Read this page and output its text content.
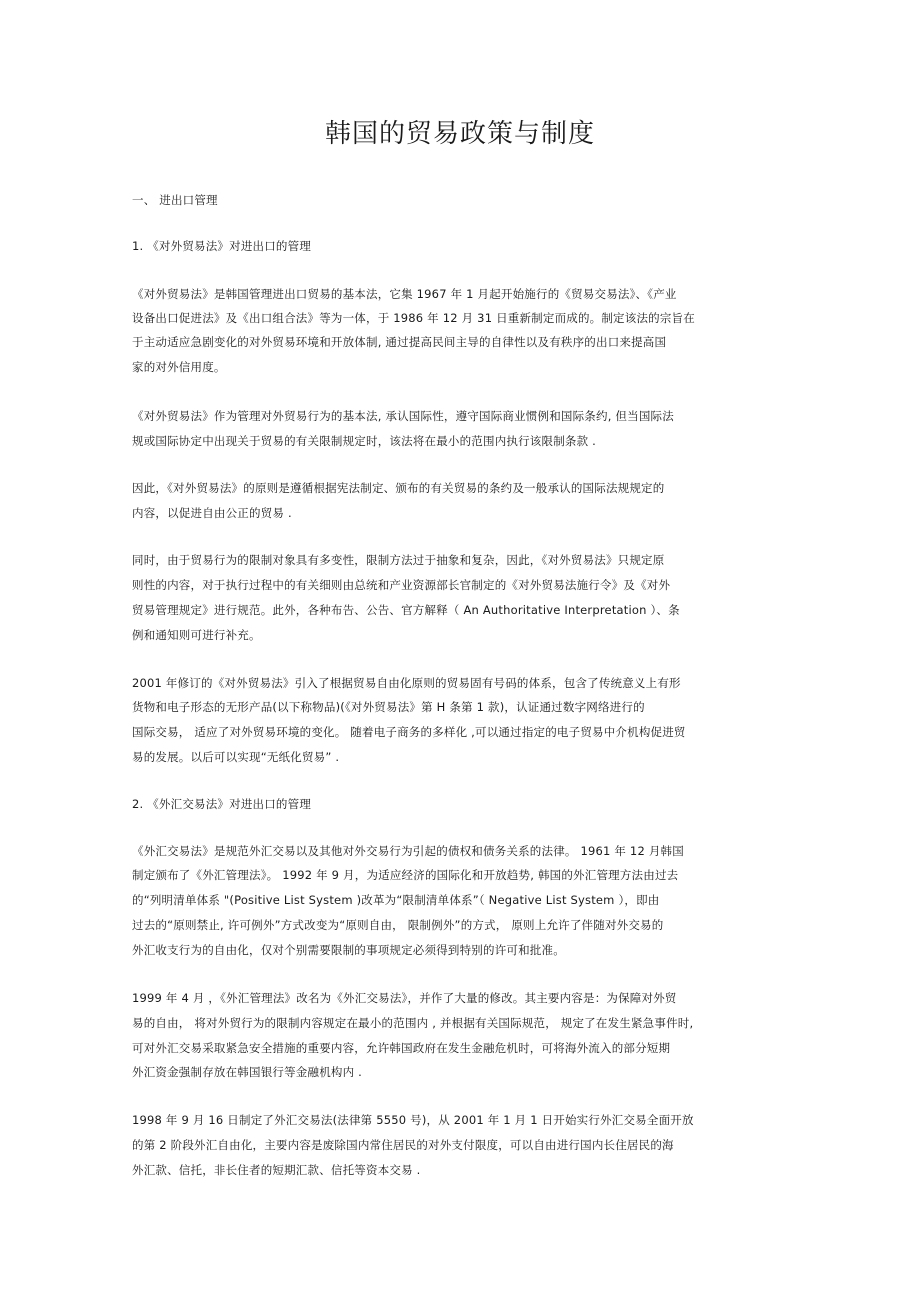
韩国的贸易政策与制度
一、 进出口管理
1. 《对外贸易法》对进出口的管理
《对外贸易法》是韩国管理进出口贸易的基本法，它集 1967 年 1 月起开始施行的《贸易交易法》、《产业
设备出口促进法》及《出口组合法》等为一体，于 1986 年 12 月 31 日重新制定而成的。制定该法的宗旨在
于主动适应急剧变化的对外贸易环境和开放体制, 通过提高民间主导的自律性以及有秩序的出口来提高国
家的对外信用度。
《对外贸易法》作为管理对外贸易行为的基本法, 承认国际性，遵守国际商业惯例和国际条约, 但当国际法
规或国际协定中出现关于贸易的有关限制规定时，该法将在最小的范围内执行该限制条款 .
因此，《对外贸易法》的原则是遵循根据宪法制定、颁布的有关贸易的条约及一般承认的国际法规规定的
内容，以促进自由公正的贸易 .
同时，由于贸易行为的限制对象具有多变性，限制方法过于抽象和复杂，因此，《对外贸易法》只规定原
则性的内容，对于执行过程中的有关细则由总统和产业资源部长官制定的《对外贸易法施行令》及《对外
贸易管理规定》进行规范。此外，各种布告、公告、官方解释（ An Authoritative Interpretation ）、条
例和通知则可进行补充。
2001 年修订的《对外贸易法》引入了根据贸易自由化原则的贸易固有号码的体系，包含了传统意义上有形
货物和电子形态的无形产品(以下称物品)(《对外贸易法》第 H 条第 1 款)，认证通过数字网络进行的
国际交易， 适应了对外贸易环境的变化。 随着电子商务的多样化 ,可以通过指定的电子贸易中介机构促进贸
易的发展。以后可以实现“无纸化贸易” .
2. 《外汇交易法》对进出口的管理
《外汇交易法》是规范外汇交易以及其他对外交易行为引起的债权和债务关系的法律。 1961 年 12 月韩国
制定颁布了《外汇管理法》。 1992 年 9 月，为适应经济的国际化和开放趋势, 韩国的外汇管理方法由过去
的“列明清单体系 "(Positive List System )改革为“限制清单体系”（ Negative List System ），即由
过去的“原则禁止, 许可例外”方式改变为“原则自由， 限制例外”的方式， 原则上允许了伴随对外交易的
外汇收支行为的自由化，仅对个别需要限制的事项规定必须得到特别的许可和批准。
1999 年 4 月 ，《外汇管理法》改名为《外汇交易法》，并作了大量的修改。其主要内容是：为保障对外贸
易的自由， 将对外贸行为的限制内容规定在最小的范围内 , 并根据有关国际规范， 规定了在发生紧急事件时,
可对外汇交易采取紧急安全措施的重要内容，允许韩国政府在发生金融危机时，可将海外流入的部分短期
外汇资金强制存放在韩国银行等金融机构内 .
1998 年 9 月 16 日制定了外汇交易法(法律第 5550 号)，从 2001 年 1 月 1 日开始实行外汇交易全面开放
的第 2 阶段外汇自由化，主要内容是废除国内常住居民的对外支付限度，可以自由进行国内长住居民的海
外汇款、信托，非长住者的短期汇款、信托等资本交易 .
